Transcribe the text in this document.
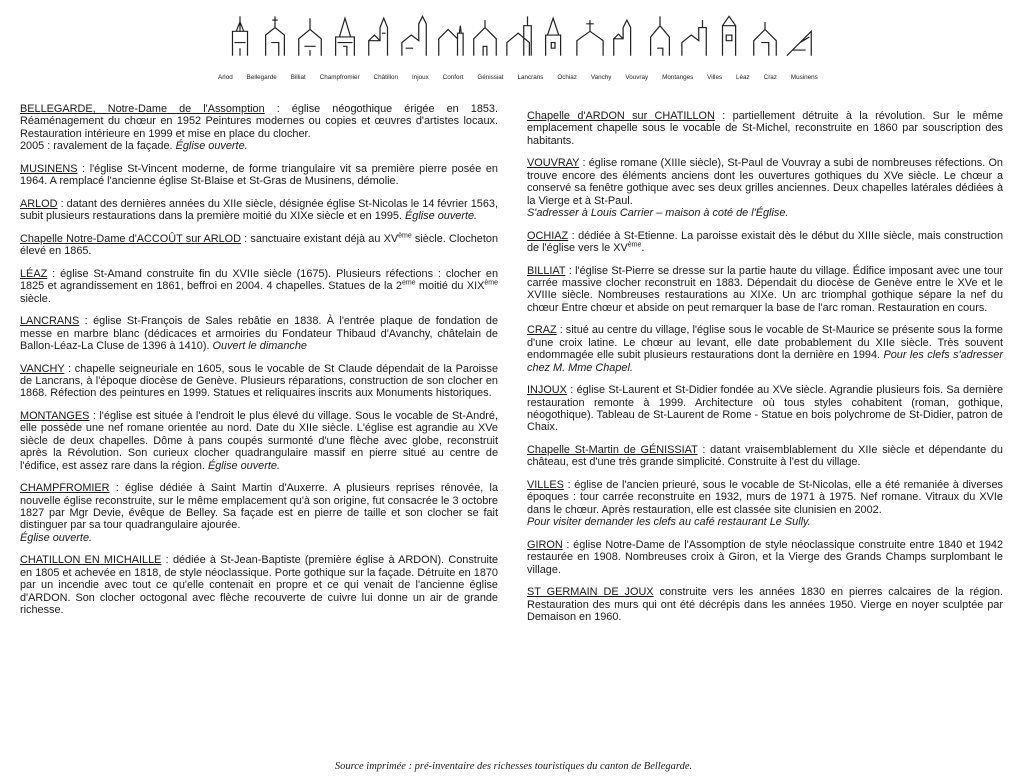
Arlod Bellegarde Billiat Champfromier Châtillon Injoux Confort Génissiat Lancrans Ochiaz Vanchy Vouvray Montanges Villes Léaz Craz Musinens

BELLEGARDE, Notre-Dame de l'Assomption : église néogothique érigée en 1853. Réaménagement du chœur en 1952 Peintures modernes ou copies et œuvres d'artistes locaux. Restauration intérieure en 1999 et mise en place du clocher.
2005 : ravalement de la façade. Église ouverte.

MUSINENS : l'église St-Vincent moderne, de forme triangulaire vit sa première pierre posée en 1964. A remplacé l'ancienne église St-Blaise et St-Gras de Musinens, démolie.

ARLOD : datant des dernières années du XIIe siècle, désignée église St-Nicolas le 14 février 1563, subit plusieurs restaurations dans la première moitié du XIXe siècle et en 1995. Église ouverte.

Chapelle Notre-Dame d'ACCOÛT sur ARLOD : sanctuaire existant déjà au XVème siècle. Clocheton élevé en 1865.

LÉAZ : église St-Amand construite fin du XVIIe siècle (1675). Plusieurs réfections : clocher en 1825 et agrandissement en 1861, beffroi en 2004. 4 chapelles. Statues de la 2eme moitié du XIXème siècle.

LANCRANS : église St-François de Sales rebâtie en 1838. À l'entrée plaque de fondation de messe en marbre blanc (dédicaces et armoiries du Fondateur Thibaud d'Avanchy, châtelain de Ballon-Léaz-La Cluse de 1396 à 1410). Ouvert le dimanche

VANCHY : chapelle seigneuriale en 1605, sous le vocable de St Claude dépendait de la Paroisse de Lancrans, à l'époque diocèse de Genève. Plusieurs réparations, construction de son clocher en 1868. Réfection des peintures en 1999. Statues et reliquaires inscrits aux Monuments historiques.

MONTANGES : l'église est située à l'endroit le plus élevé du village. Sous le vocable de St-André, elle possède une nef romane orientée au nord. Date du XIIe siècle. L'église est agrandie au XVe siècle de deux chapelles. Dôme à pans coupés surmonté d'une flèche avec globe, reconstruit après la Révolution. Son curieux clocher quadrangulaire massif en pierre situé au centre de l'édifice, est assez rare dans la région. Église ouverte.

CHAMPFROMIER : église dédiée à Saint Martin d'Auxerre. A plusieurs reprises rénovée, la nouvelle église reconstruite, sur le même emplacement qu'à son origine, fut consacrée le 3 octobre 1827 par Mgr Devie, évêque de Belley. Sa façade est en pierre de taille et son clocher se fait distinguer par sa tour quadrangulaire ajourée.
Église ouverte.

CHATILLON EN MICHAILLE : dédiée à St-Jean-Baptiste (première église à ARDON). Construite en 1805 et achevée en 1818, de style néoclassique. Porte gothique sur la façade. Détruite en 1870 par un incendie avec tout ce qu'elle contenait en propre et ce qui venait de l'ancienne église d'ARDON. Son clocher octogonal avec flèche recouverte de cuivre lui donne un air de grande richesse.

Chapelle d'ARDON sur CHATILLON : partiellement détruite à la révolution. Sur le même emplacement chapelle sous le vocable de St-Michel, reconstruite en 1860 par souscription des habitants.

VOUVRAY : église romane (XIIIe siècle), St-Paul de Vouvray a subi de nombreuses réfections. On trouve encore des éléments anciens dont les ouvertures gothiques du XVe siècle. Le chœur a conservé sa fenêtre gothique avec ses deux grilles anciennes. Deux chapelles latérales dédiées à la Vierge et à St-Paul.
S'adresser à Louis Carrier – maison à coté de l'Église.

OCHIAZ : dédiée à St-Etienne. La paroisse existait dès le début du XIIIe siècle, mais construction de l'église vers le XVème.

BILLIAT : l'église St-Pierre se dresse sur la partie haute du village. Édifice imposant avec une tour carrée massive clocher reconstruit en 1883. Dépendait du diocèse de Genève entre le XVe et le XVIIIe siècle. Nombreuses restaurations au XIXe. Un arc triomphal gothique sépare la nef du chœur Entre chœur et abside on peut remarquer la base de l'arc roman. Restauration en cours.

CRAZ : situé au centre du village, l'église sous le vocable de St-Maurice se présente sous la forme d'une croix latine. Le chœur au levant, elle date probablement du XIIe siècle. Très souvent endommagée elle subit plusieurs restaurations dont la dernière en 1994. Pour les clefs s'adresser chez M. Mme Chapel.

INJOUX : église St-Laurent et St-Didier fondée au XVe siècle. Agrandie plusieurs fois. Sa dernière restauration remonte à 1999. Architecture où tous styles cohabitent (roman, gothique, néogothique). Tableau de St-Laurent de Rome - Statue en bois polychrome de St-Didier, patron de Chaix.

Chapelle St-Martin de GÉNISSIAT : datant vraisemblablement du XIIe siècle et dépendante du château, est d'une très grande simplicité. Construite à l'est du village.

VILLES : église de l'ancien prieuré, sous le vocable de St-Nicolas, elle a été remaniée à diverses époques : tour carrée reconstruite en 1932, murs de 1971 à 1975. Nef romane. Vitraux du XVIe dans le chœur. Après restauration, elle est classée site clunisien en 2002.
Pour visiter demander les clefs au café restaurant Le Sully.

GIRON : église Notre-Dame de l'Assomption de style néoclassique construite entre 1840 et 1942 restaurée en 1908. Nombreuses croix à Giron, et la Vierge des Grands Champs surplombant le village.

ST GERMAIN DE JOUX construite vers les années 1830 en pierres calcaires de la région. Restauration des murs qui ont été décrépis dans les années 1950. Vierge en noyer sculptée par Demaison en 1960.

Source imprimée : pré-inventaire des richesses touristiques du canton de Bellegarde.
